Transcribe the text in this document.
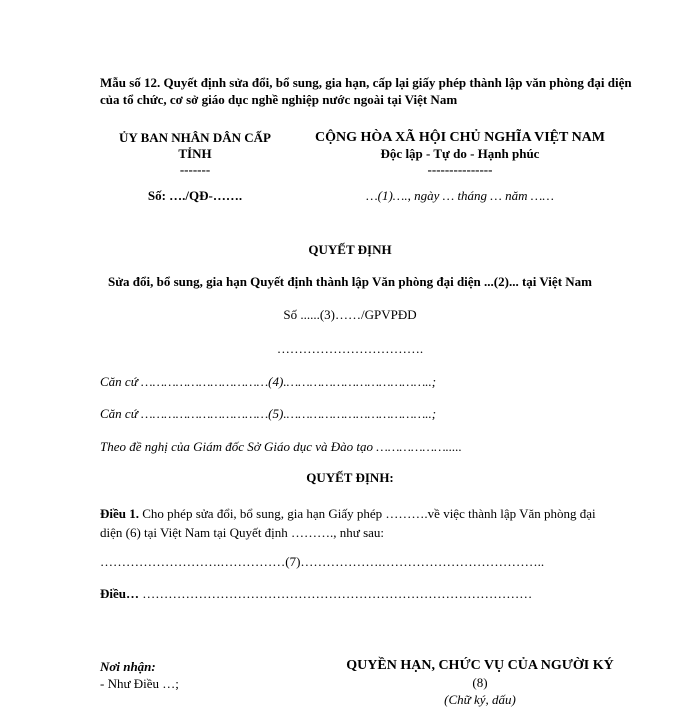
Mẫu số 12. Quyết định sửa đổi, bổ sung, gia hạn, cấp lại giấy phép thành lập văn phòng đại diện của tổ chức, cơ sở giáo dục nghề nghiệp nước ngoài tại Việt Nam
ỦY BAN NHÂN DÂN CẤP
TỈNH
-------
Số: …./QĐ-…….
CỘNG HÒA XÃ HỘI CHỦ NGHĨA VIỆT NAM
Độc lập - Tự do - Hạnh phúc
---------------
…(1)…., ngày … tháng … năm ……
QUYẾT ĐỊNH
Sửa đổi, bổ sung, gia hạn Quyết định thành lập Văn phòng đại diện ...(2)... tại Việt Nam
Số ......(3)……/GPVPĐD
…………………………….
Căn cứ ……………………………(4).………………………………..;
Căn cứ ……………………………(5).………………………………..;
Theo đề nghị của Giám đốc Sở Giáo dục và Đào tạo ……………….....
QUYẾT ĐỊNH:
Điều 1. Cho phép sửa đổi, bổ sung, gia hạn Giấy phép ……….về việc thành lập Văn phòng đại diện (6) tại Việt Nam tại Quyết định ………., như sau:
……………………….……………(7)……………….………………………………..
Điều… ………………………………………………………………………………
Nơi nhận:
- Như Điều …;
QUYỀN HẠN, CHỨC VỤ CỦA NGƯỜI KÝ
(8)
(Chữ ký, dấu)
